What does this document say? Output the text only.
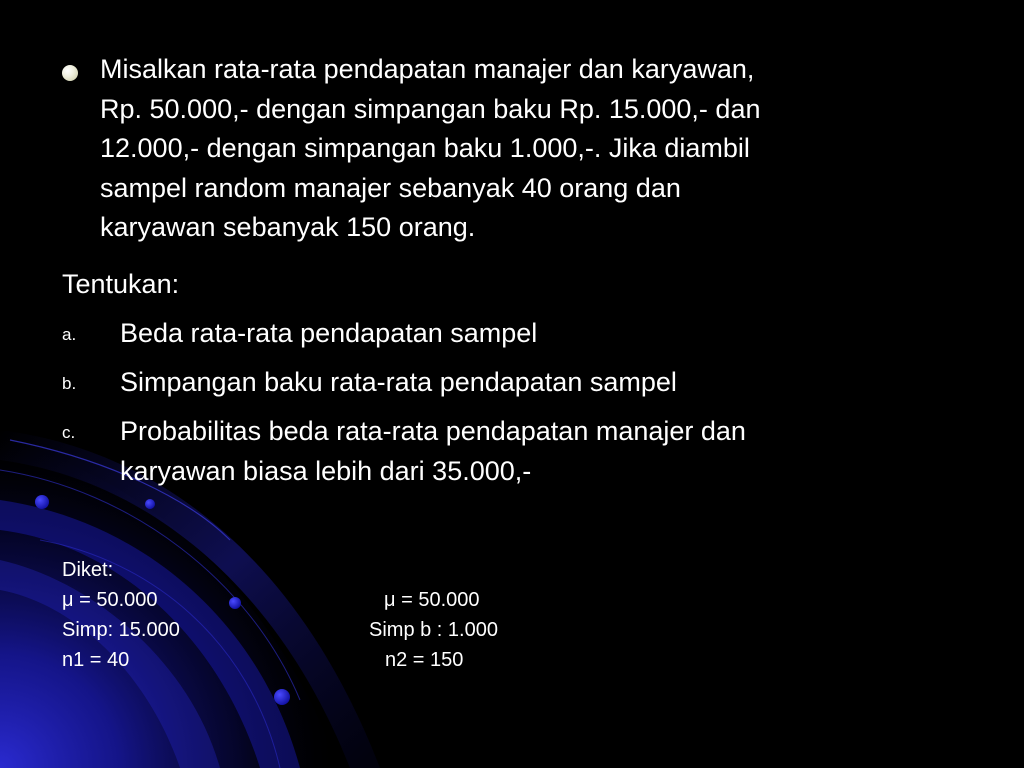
Misalkan rata-rata pendapatan manajer dan karyawan,
Rp. 50.000,- dengan simpangan baku Rp. 15.000,- dan
12.000,- dengan simpangan baku 1.000,-. Jika diambil
sampel random manajer sebanyak 40 orang dan
karyawan sebanyak 150 orang.
Tentukan:
a. Beda rata-rata pendapatan sampel
b. Simpangan baku rata-rata pendapatan sampel
c. Probabilitas beda rata-rata pendapatan manajer dan
karyawan biasa lebih dari 35.000,-
Diket:
μ = 50.000	μ = 50.000
Simp: 15.000	Simp b : 1.000
n1 = 40	n2 = 150
